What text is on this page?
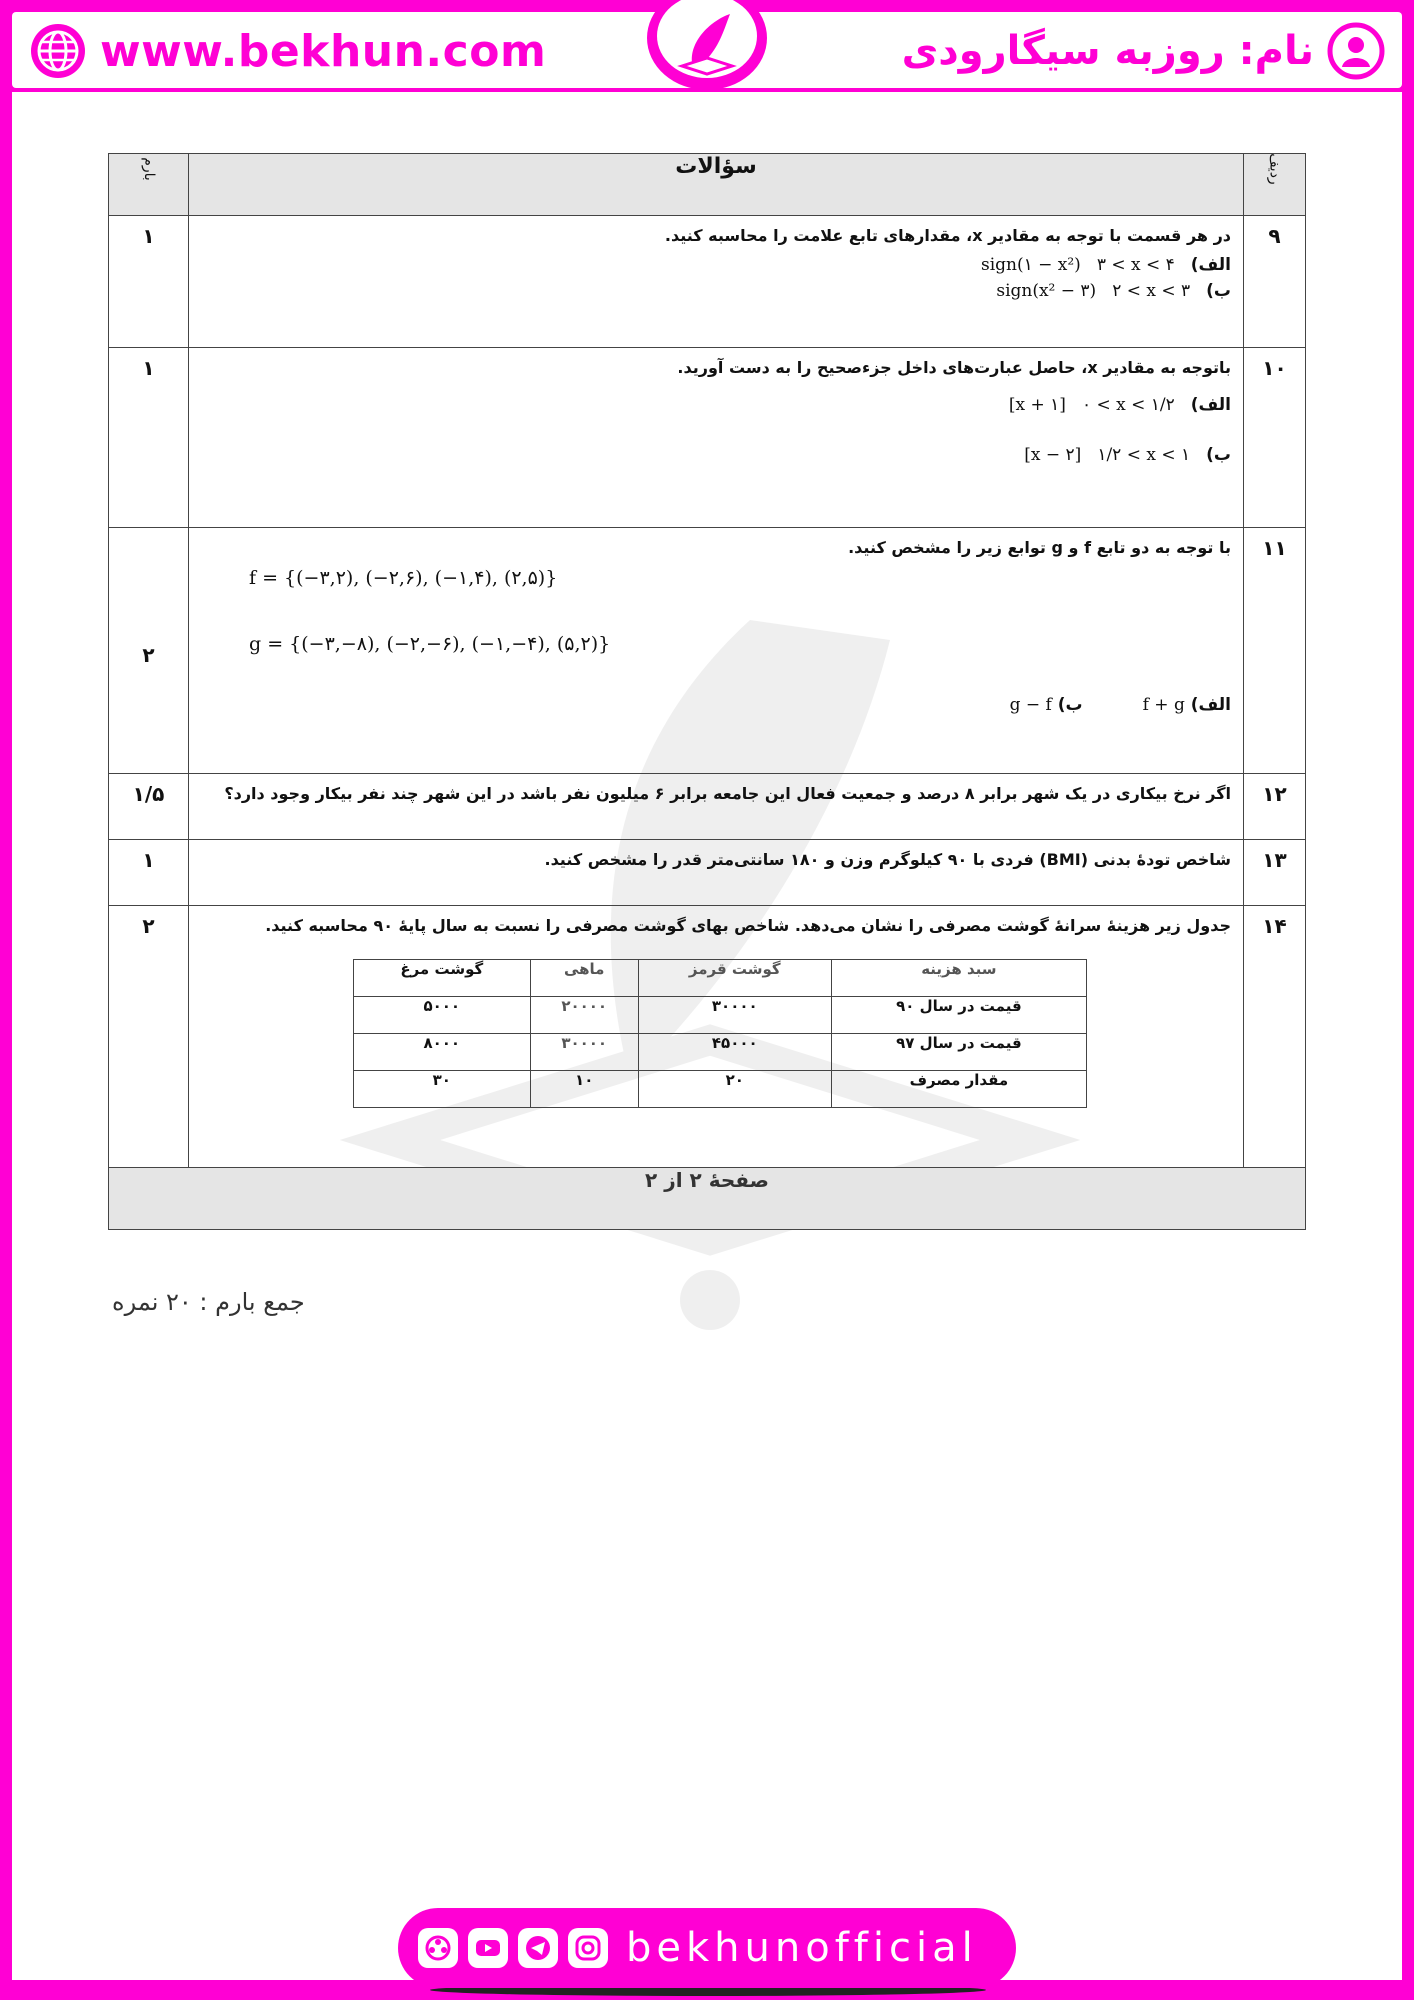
www.bekhun.com	نام: روزبه سیگارودی
ردیف	سؤالات	بارم
۹	

در هر قسمت با توجه به مقادیر x، مقدارهای تابع علامت را محاسبه کنید.

الف)
۳ < x < ۴
sign(۱ − x²)
ب)
۲ < x < ۳
sign(x² − ۳)
	۱
۱۰	

باتوجه به مقادیر x، حاصل عبارت‌های داخل جزءصحیح را به دست آورید.

الف)
۰ < x < ۱/۲
[x + ۱]
ب)
۱/۲ < x < ۱
[x − ۲]
	۱
۱۱	

با توجه به دو تابع f و g توابع زیر را مشخص کنید.

f = {(−۳,۲), (−۲,۶), (−۱,۴), (۲,۵)}
g = {(−۳,−۸), (−۲,−۶), (−۱,−۴), (۵,۲)}
الف) f + g
ب) g − f
	۲
۱۲	

اگر نرخ بیکاری در یک شهر برابر ۸ درصد و جمعیت فعال این جامعه برابر ۶ میلیون نفر باشد در این شهر چند نفر بیکار وجود دارد؟

	۱/۵
۱۳	

شاخص تودهٔ بدنی (BMI) فردی با ۹۰ کیلوگرم وزن و ۱۸۰ سانتی‌متر قدر را مشخص کنید.

	۱
۱۴	

جدول زیر هزینهٔ سرانهٔ گوشت مصرفی را نشان می‌دهد. شاخص بهای گوشت مصرفی را نسبت به سال پایهٔ ۹۰ محاسبه کنید.

سبد هزینه	گوشت قرمز	ماهی	گوشت مرغ
قیمت در سال ۹۰	۳۰۰۰۰	۲۰۰۰۰	۵۰۰۰
قیمت در سال ۹۷	۴۵۰۰۰	۳۰۰۰۰	۸۰۰۰
مقدار مصرف	۲۰	۱۰	۳۰
	۲
صفحهٔ ۲ از ۲
جمع بارم : ۲۰ نمره
bekhunofficial
